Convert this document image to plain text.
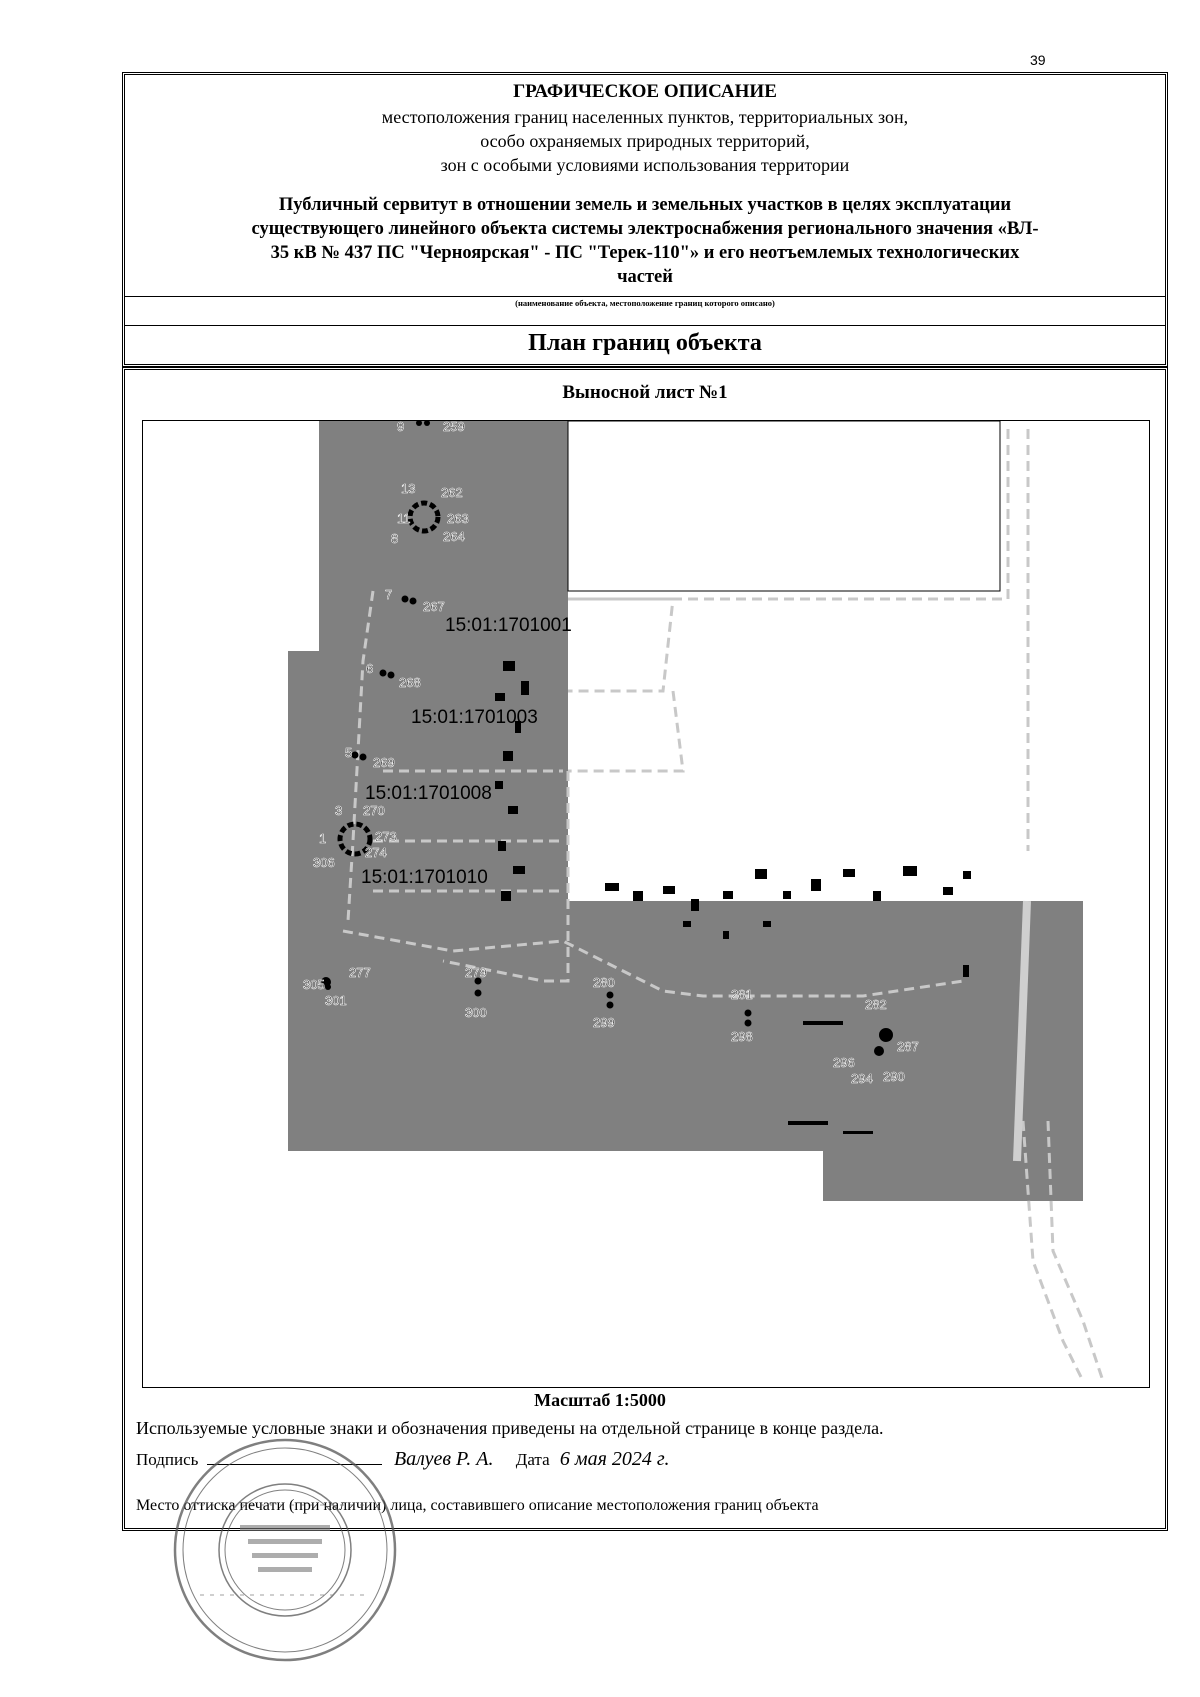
39
ГРАФИЧЕСКОЕ ОПИСАНИЕ
местоположения границ населенных пунктов, территориальных зон,
особо охраняемых природных территорий,
зон с особыми условиями использования территории
Публичный сервитут в отношении земель и земельных участков в целях эксплуатации
существующего линейного объекта системы электроснабжения регионального значения «ВЛ-
35 кВ № 437 ПС "Черноярская" - ПС "Терек-110"» и его неотъемлемых технологических
частей
(наименование объекта, местоположение границ которого описано)
План границ объекта
Выносной лист №1
15:01:1701001
15:01:1701003
15:01:1701008
15:01:1701010
9	259
13 262
11	263
8	264
7
267
6
268
5
269
3 270
1	273
274
306
277
305
301
279
300
280
299
281
298
282
287
296
294 290
Масштаб 1:5000
Используемые условные знаки и обозначения приведены на отдельной странице в конце раздела.
Подпись	Валуев Р. А. Дата 6 мая 2024 г.
Место оттиска печати (при наличии) лица, составившего описание местоположения границ объекта
